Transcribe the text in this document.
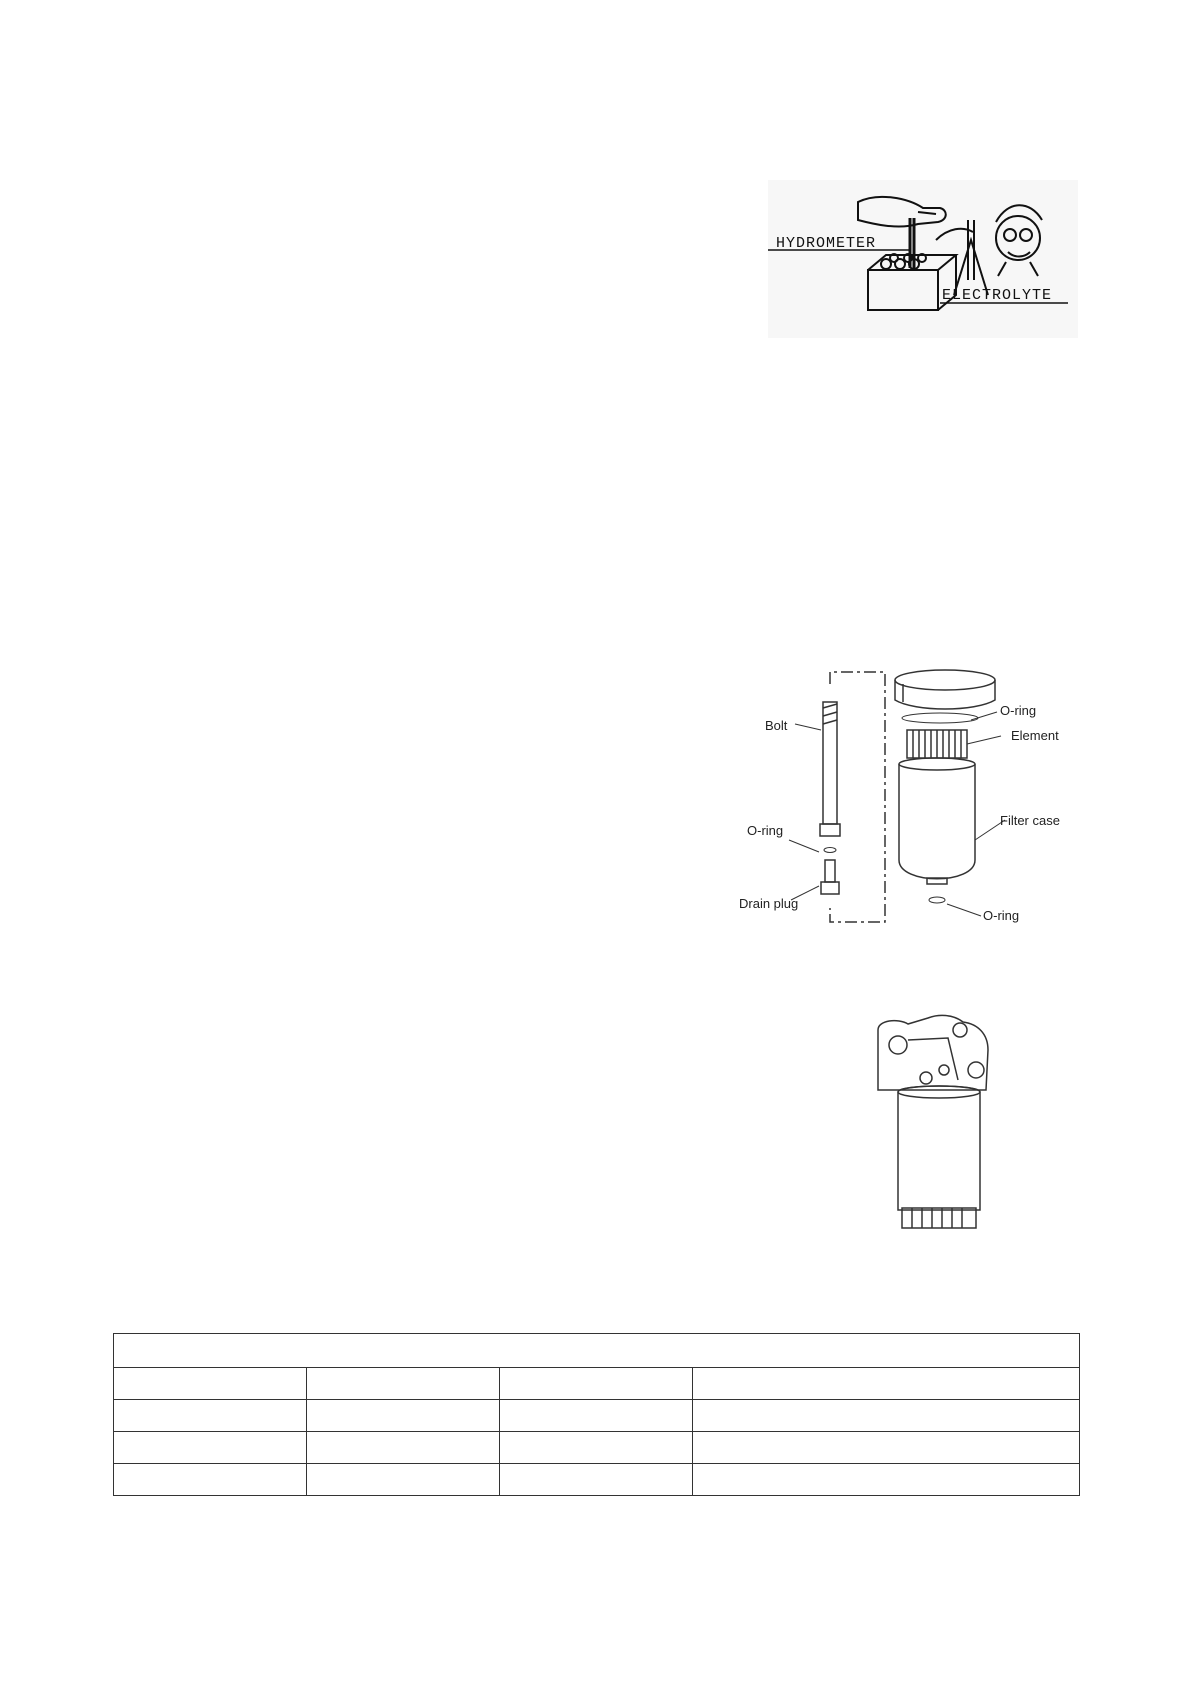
HYDROMETER
ELECTROLYTE
Bolt
O-ring
Element
Filter case
O-ring
Drain plug
O-ring
